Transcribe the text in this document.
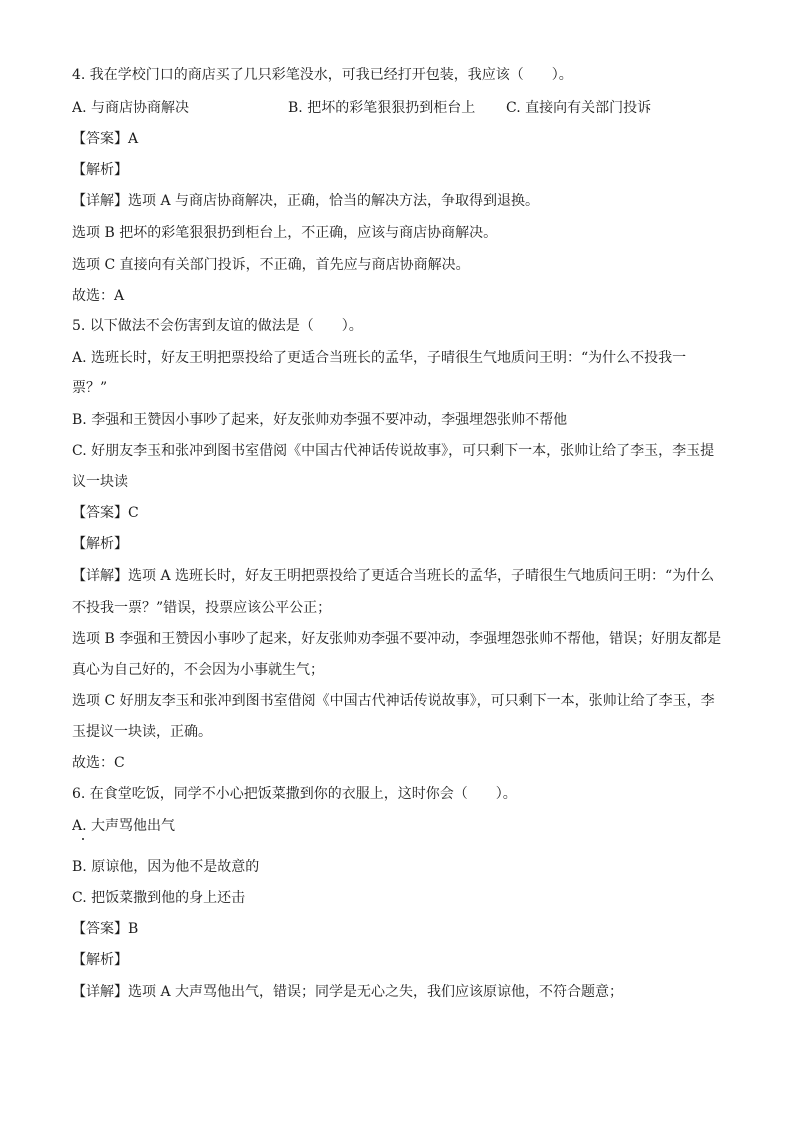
4. 我在学校门口的商店买了几只彩笔没水，可我已经打开包装，我应该（　　）。
A. 与商店协商解决	B. 把坏的彩笔狠狠扔到柜台上 C. 直接向有关部门投诉
【答案】A
【解析】
【详解】选项 A 与商店协商解决，正确，恰当的解决方法，争取得到退换。
选项 B 把坏的彩笔狠狠扔到柜台上，不正确，应该与商店协商解决。
选项 C 直接向有关部门投诉，不正确，首先应与商店协商解决。
故选：A
5. 以下做法不会伤害到友谊的做法是（　　）。
A. 选班长时，好友王明把票投给了更适合当班长的孟华，子晴很生气地质问王明：“为什么不投我一
票？”
B. 李强和王赞因小事吵了起来，好友张帅劝李强不要冲动，李强埋怨张帅不帮他
C. 好朋友李玉和张冲到图书室借阅《中国古代神话传说故事》，可只剩下一本，张帅让给了李玉，李玉提
议一块读
【答案】C
【解析】
【详解】选项 A 选班长时，好友王明把票投给了更适合当班长的孟华，子晴很生气地质问王明：“为什么
不投我一票？”错误，投票应该公平公正；
选项 B 李强和王赞因小事吵了起来，好友张帅劝李强不要冲动，李强埋怨张帅不帮他，错误；好朋友都是
真心为自己好的，不会因为小事就生气；
选项 C 好朋友李玉和张冲到图书室借阅《中国古代神话传说故事》，可只剩下一本，张帅让给了李玉，李
玉提议一块读，正确。
故选：C
6. 在食堂吃饭，同学不小心把饭菜撒到你的衣服上，这时你会（　　）。
A. 大声骂他出气
B. 原谅他，因为他不是故意的
C. 把饭菜撒到他的身上还击
【答案】B
【解析】
【详解】选项 A 大声骂他出气，错误；同学是无心之失，我们应该原谅他，不符合题意；
